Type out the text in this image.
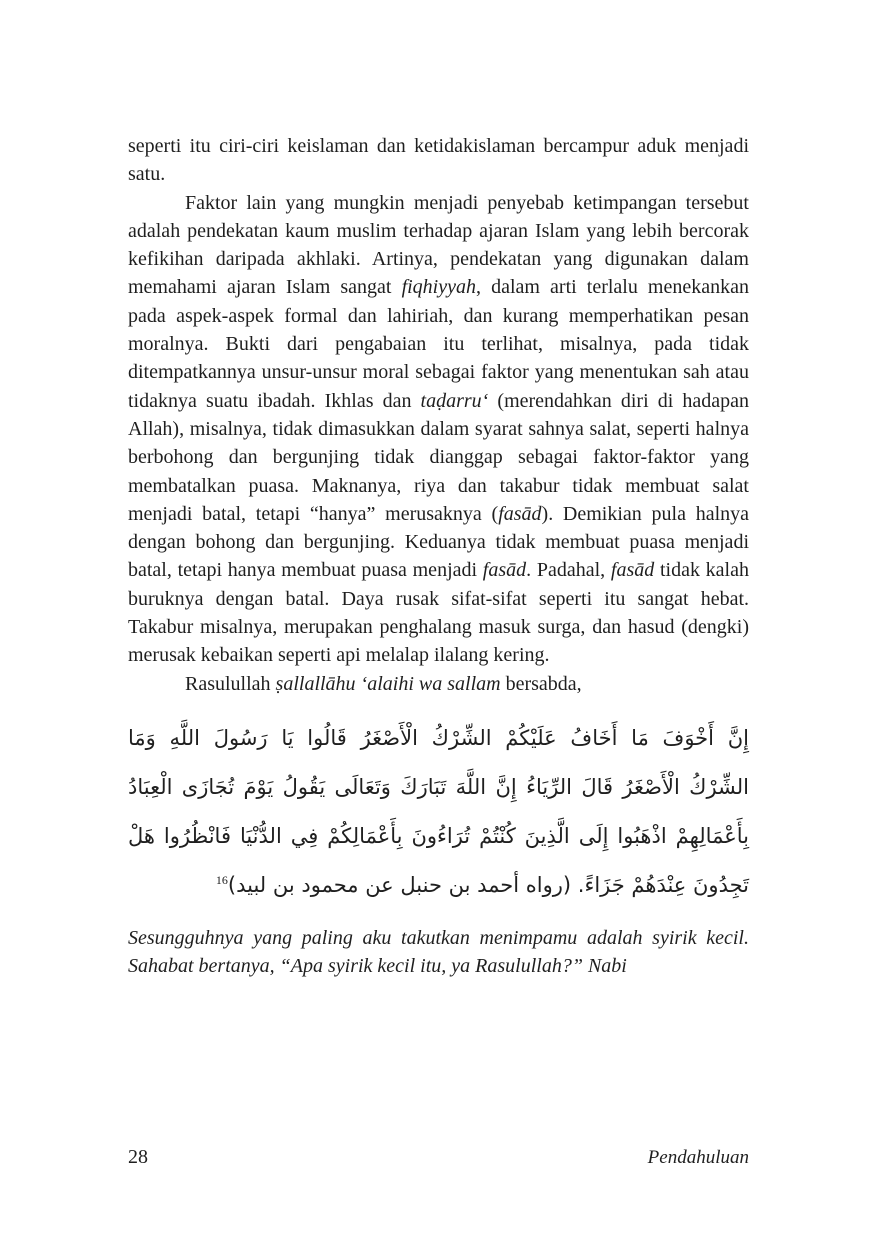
seperti itu ciri-ciri keislaman dan ketidakislaman bercampur aduk menjadi satu.

Faktor lain yang mungkin menjadi penyebab ketimpangan tersebut adalah pendekatan kaum muslim terhadap ajaran Islam yang lebih bercorak kefikihan daripada akhlaki. Artinya, pendekatan yang digunakan dalam memahami ajaran Islam sangat fiqhiyyah, dalam arti terlalu menekankan pada aspek-aspek formal dan lahiriah, dan kurang memperhatikan pesan moralnya. Bukti dari pengabaian itu terlihat, misalnya, pada tidak ditempatkannya unsur-unsur moral sebagai faktor yang menentukan sah atau tidaknya suatu ibadah. Ikhlas dan taḍarru‘ (merendahkan diri di hadapan Allah), misalnya, tidak dimasukkan dalam syarat sahnya salat, seperti halnya berbohong dan bergunjing tidak dianggap sebagai faktor-faktor yang membatalkan puasa. Maknanya, riya dan takabur tidak membuat salat menjadi batal, tetapi “hanya” merusaknya (fasād). Demikian pula halnya dengan bohong dan bergunjing. Keduanya tidak membuat puasa menjadi batal, tetapi hanya membuat puasa menjadi fasād. Padahal, fasād tidak kalah buruknya dengan batal. Daya rusak sifat-sifat seperti itu sangat hebat. Takabur misalnya, merupakan penghalang masuk surga, dan hasud (dengki) merusak kebaikan seperti api melalap ilalang kering.

Rasulullah ṣallallāhu ‘alaihi wa sallam bersabda,

إِنَّ أَخْوَفَ مَا أَخَافُ عَلَيْكُمْ الشِّرْكُ الْأَصْغَرُ قَالُوا يَا رَسُولَ اللَّهِ وَمَا
الشِّرْكُ الْأَصْغَرُ قَالَ الرِّيَاءُ إِنَّ اللَّهَ تَبَارَكَ وَتَعَالَى يَقُولُ يَوْمَ تُجَازَى الْعِبَادُ
بِأَعْمَالِهِمْ اذْهَبُوا إِلَى الَّذِينَ كُنْتُمْ تُرَاءُونَ بِأَعْمَالِكُمْ فِي الدُّنْيَا فَانْظُرُوا هَلْ
تَجِدُونَ عِنْدَهُمْ جَزَاءً. (رواه أحمد بن حنبل عن محمود بن لبيد)$^{16}$

Sesungguhnya yang paling aku takutkan menimpamu adalah syirik kecil. Sahabat bertanya, “Apa syirik kecil itu, ya Rasulullah?” Nabi

28	Pendahuluan
